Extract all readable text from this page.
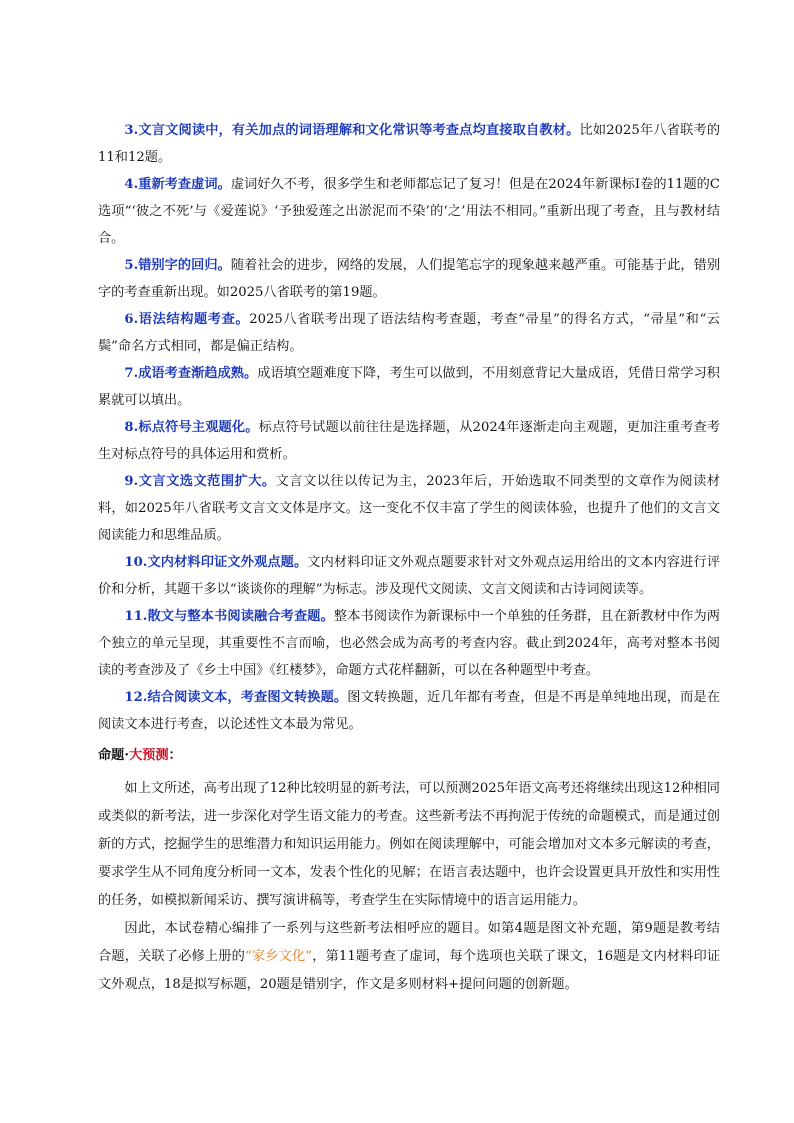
3.文言文阅读中，有关加点的词语理解和文化常识等考查点均直接取自教材。比如2025年八省联考的11和12题。

4.重新考查虚词。虚词好久不考，很多学生和老师都忘记了复习！但是在2024年新课标Ⅰ卷的11题的C选项“‘彼之不死’与《爱莲说》‘予独爱莲之出淤泥而不染’的‘之’用法不相同。”重新出现了考查，且与教材结合。

5.错别字的回归。随着社会的进步，网络的发展，人们提笔忘字的现象越来越严重。可能基于此，错别字的考查重新出现。如2025八省联考的第19题。

6.语法结构题考查。2025八省联考出现了语法结构考查题，考查“帚星”的得名方式，“帚星”和“云鬓”命名方式相同，都是偏正结构。

7.成语考查渐趋成熟。成语填空题难度下降，考生可以做到，不用刻意背记大量成语，凭借日常学习积累就可以填出。

8.标点符号主观题化。标点符号试题以前往往是选择题，从2024年逐渐走向主观题，更加注重考查考生对标点符号的具体运用和赏析。

9.文言文选文范围扩大。文言文以往以传记为主，2023年后，开始选取不同类型的文章作为阅读材料，如2025年八省联考文言文文体是序文。这一变化不仅丰富了学生的阅读体验，也提升了他们的文言文阅读能力和思维品质。

10.文内材料印证文外观点题。文内材料印证文外观点题要求针对文外观点运用给出的文本内容进行评价和分析，其题干多以“谈谈你的理解”为标志。涉及现代文阅读、文言文阅读和古诗词阅读等。

11.散文与整本书阅读融合考查题。整本书阅读作为新课标中一个单独的任务群，且在新教材中作为两个独立的单元呈现，其重要性不言而喻，也必然会成为高考的考查内容。截止到2024年，高考对整本书阅读的考查涉及了《乡土中国》《红楼梦》，命题方式花样翻新，可以在各种题型中考查。

12.结合阅读文本，考查图文转换题。图文转换题，近几年都有考查，但是不再是单纯地出现，而是在阅读文本进行考查，以论述性文本最为常见。

命题·大预测：

如上文所述，高考出现了12种比较明显的新考法，可以预测2025年语文高考还将继续出现这12种相同或类似的新考法，进一步深化对学生语文能力的考查。这些新考法不再拘泥于传统的命题模式，而是通过创新的方式，挖掘学生的思维潜力和知识运用能力。例如在阅读理解中，可能会增加对文本多元解读的考查，要求学生从不同角度分析同一文本，发表个性化的见解；在语言表达题中，也许会设置更具开放性和实用性的任务，如模拟新闻采访、撰写演讲稿等，考查学生在实际情境中的语言运用能力。

因此，本试卷精心编排了一系列与这些新考法相呼应的题目。如第4题是图文补充题，第9题是教考结合题，关联了必修上册的“家乡文化”，第11题考查了虚词，每个选项也关联了课文，16题是文内材料印证文外观点，18是拟写标题，20题是错别字，作文是多则材料+提问问题的创新题。
